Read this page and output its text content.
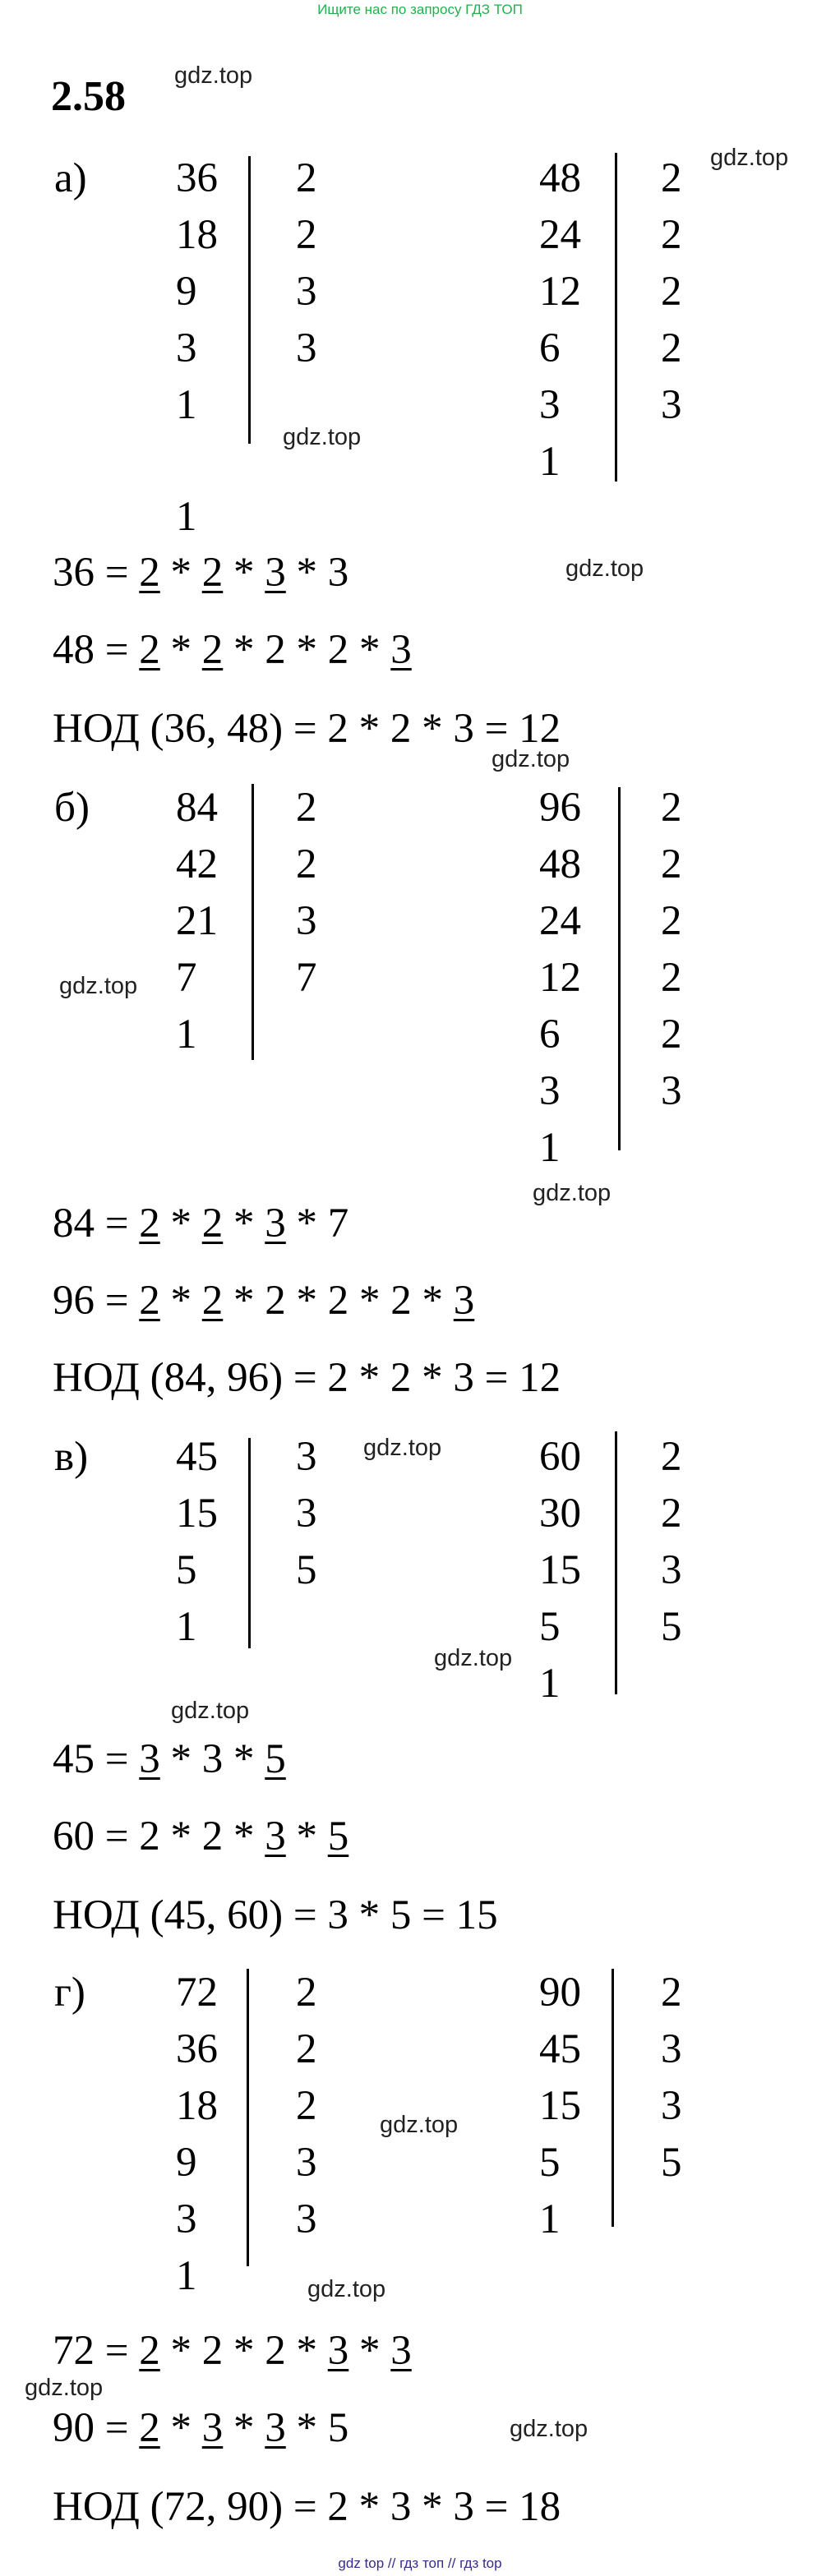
Ищите нас по запросу ГДЗ ТОП
2.58 gdz.top
gdz.top
gdz.top
gdz.top
gdz.top
gdz.top
gdz.top
gdz.top
gdz.top
gdz.top
gdz.top
gdz.top
gdz.top
gdz.top
а) 36
18
9
3
1
2
2
3
3
48
24
12
6
3
1
2
2
2
2
3
1
36 = 2 * 2 * 3 * 3
48 = 2 * 2 * 2 * 2 * 3
НОД (36, 48) = 2 * 2 * 3 = 12
б) 84
42
21
7
1
2
2
3
7
96
48
24
12
6
3
1
2
2
2
2
2
3
84 = 2 * 2 * 3 * 7
96 = 2 * 2 * 2 * 2 * 2 * 3
НОД (84, 96) = 2 * 2 * 3 = 12
в) 45
15
5
1
3
3
5
60
30
15
5
1
2
2
3
5
45 = 3 * 3 * 5
60 = 2 * 2 * 3 * 5
НОД (45, 60) = 3 * 5 = 15
г) 72
36
18
9
3
1
2
2
2
3
3
90
45
15
5
1
2
3
3
5
72 = 2 * 2 * 2 * 3 * 3
90 = 2 * 3 * 3 * 5
НОД (72, 90) = 2 * 3 * 3 = 18
gdz top // гдз топ // гдз top
